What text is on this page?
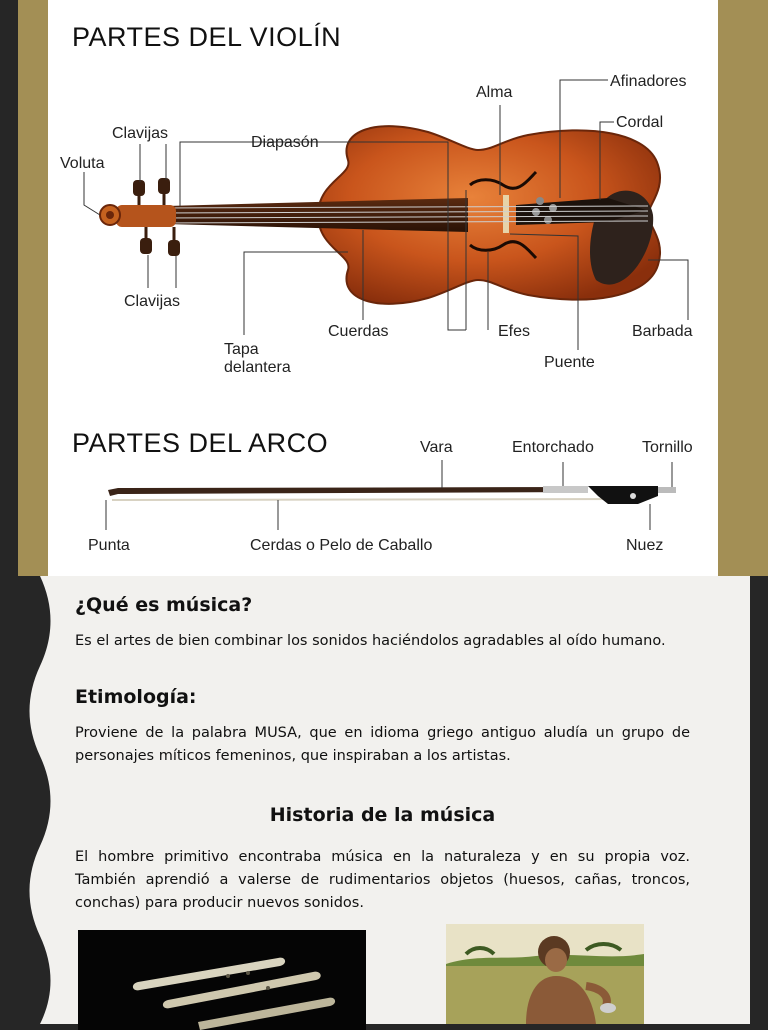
PARTES DEL VIOLÍN
Alma
Afinadores
Cordal
Clavijas
Diapasón
Voluta
Clavijas
Tapa
delantera
Cuerdas	Efes	Barbada
Puente
PARTES DEL ARCO	Vara	Entorchado	Tornillo
Punta	Cerdas o Pelo de Caballo	Nuez
¿Qué es música?
Es el artes de bien combinar los sonidos haciéndolos agradables al oído humano.
Etimología:
Proviene de la palabra MUSA, que en idioma griego antiguo aludía un grupo de personajes míticos femeninos, que inspiraban a los artistas.
Historia de la música
El hombre primitivo encontraba música en la naturaleza y en su propia voz. También aprendió a valerse de rudimentarios objetos (huesos, cañas, troncos, conchas) para producir nuevos sonidos.
